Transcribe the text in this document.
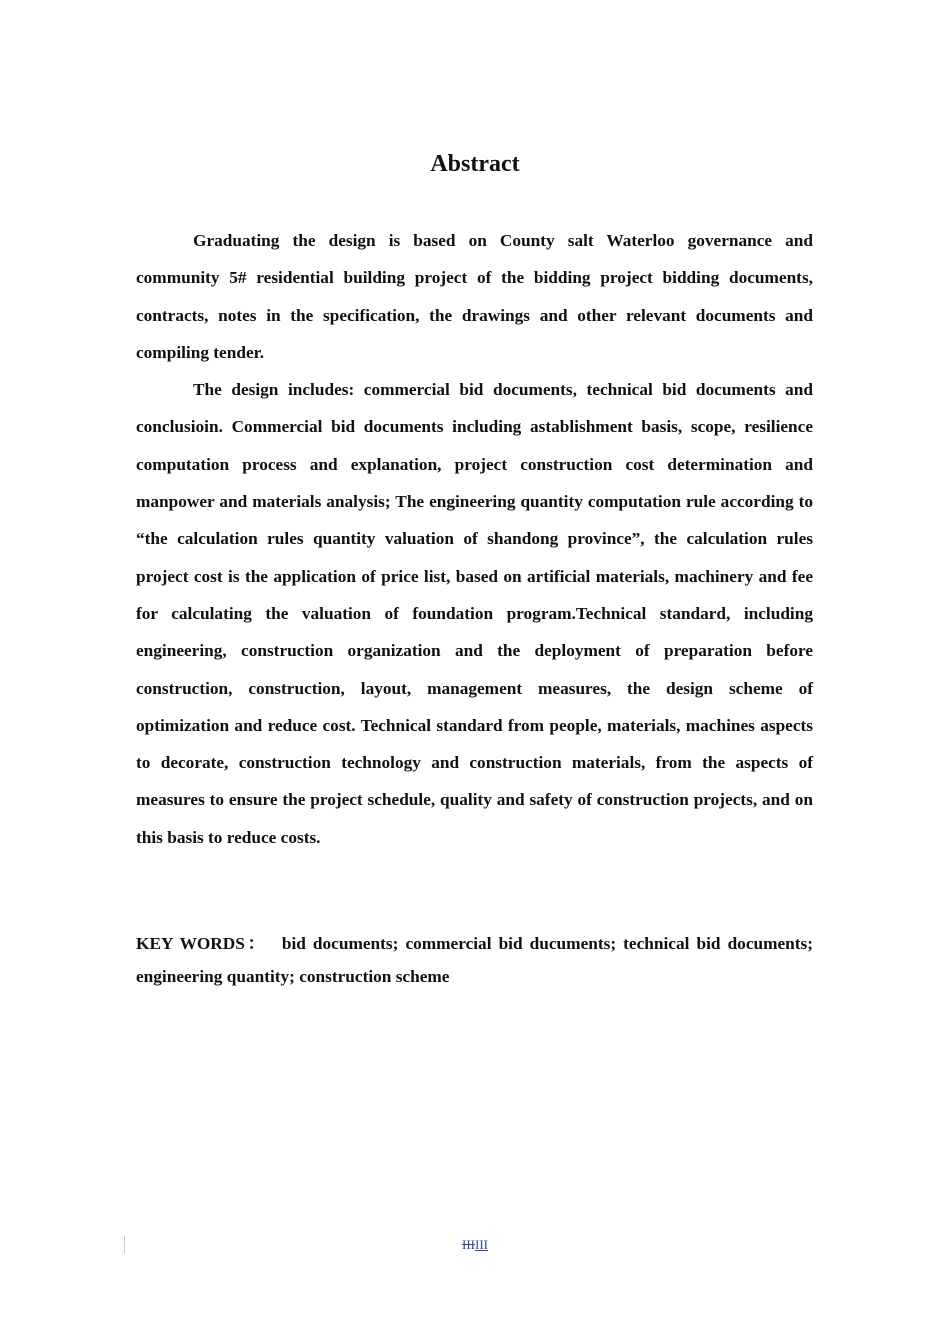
Abstract

Graduating the design is based on County salt Waterloo governance and community 5# residential building project of the bidding project bidding documents, contracts, notes in the specification, the drawings and other relevant documents and compiling tender.

The design includes: commercial bid documents, technical bid documents and conclusioin. Commercial bid documents including astablishment basis, scope, resilience computation process and explanation, project construction cost determination and manpower and materials analysis; The engineering quantity computation rule according to “the calculation rules quantity valuation of shandong province”, the calculation rules project cost is the application of price list, based on artificial materials, machinery and fee for calculating the valuation of foundation program.Technical standard, including engineering, construction organization and the deployment of preparation before construction, construction, layout, management measures, the design scheme of optimization and reduce cost. Technical standard from people, materials, machines aspects to decorate, construction technology and construction materials, from the aspects of measures to ensure the project schedule, quality and safety of construction projects, and on this basis to reduce costs.

KEY WORDS： bid documents; commercial bid ducuments; technical bid documents; engineering quantity; construction scheme

IIIIII
